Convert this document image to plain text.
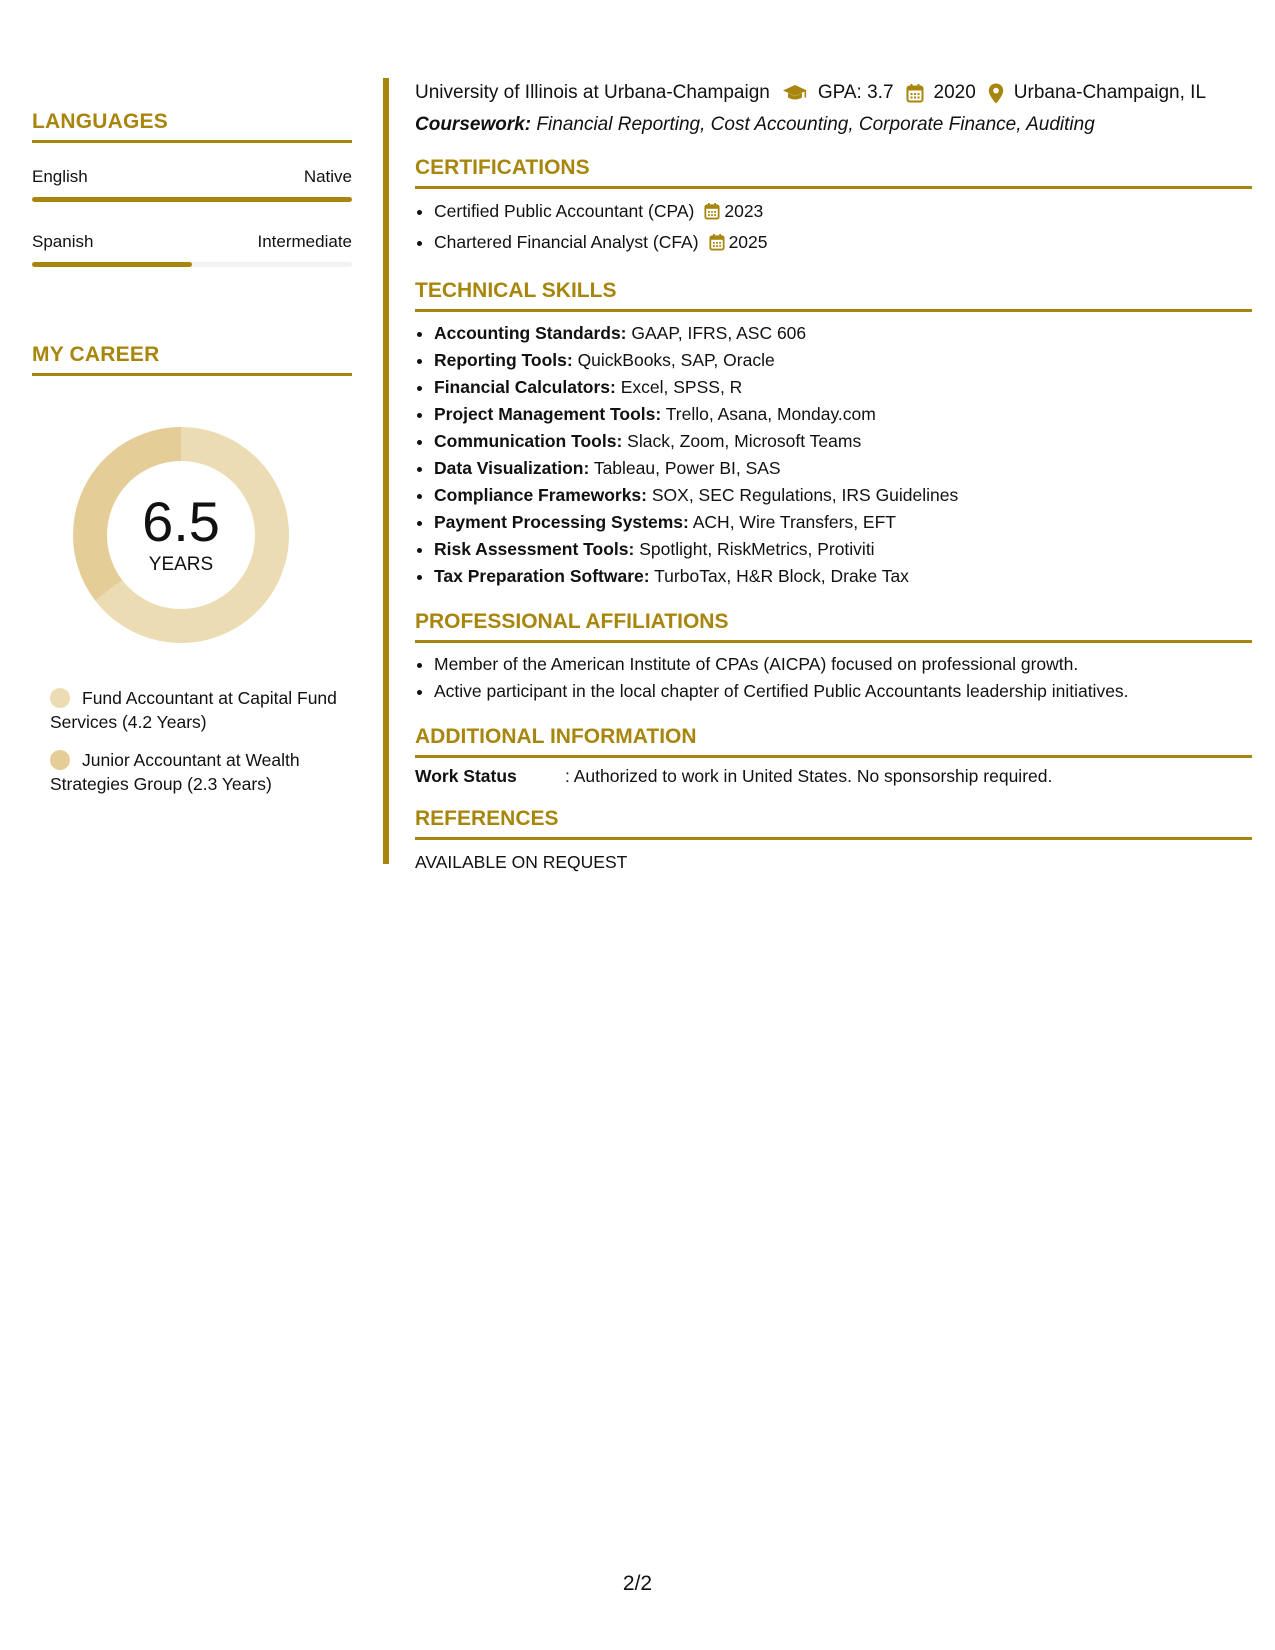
LANGUAGES
English	Native
Spanish	Intermediate
MY CAREER
6.5
YEARS
Fund Accountant at Capital Fund Services (4.2 Years)
Junior Accountant at Wealth Strategies Group (2.3 Years)
University of Illinois at Urbana-Champaign	GPA: 3.7 2020 Urbana-Champaign, IL
Coursework: Financial Reporting, Cost Accounting, Corporate Finance, Auditing
CERTIFICATIONS
• Certified Public Accountant (CPA) 2023
• Chartered Financial Analyst (CFA) 2025
TECHNICAL SKILLS
• Accounting Standards: GAAP, IFRS, ASC 606
• Reporting Tools: QuickBooks, SAP, Oracle
• Financial Calculators: Excel, SPSS, R
• Project Management Tools: Trello, Asana, Monday.com
• Communication Tools: Slack, Zoom, Microsoft Teams
• Data Visualization: Tableau, Power BI, SAS
• Compliance Frameworks: SOX, SEC Regulations, IRS Guidelines
• Payment Processing Systems: ACH, Wire Transfers, EFT
• Risk Assessment Tools: Spotlight, RiskMetrics, Protiviti
• Tax Preparation Software: TurboTax, H&R Block, Drake Tax
PROFESSIONAL AFFILIATIONS
• Member of the American Institute of CPAs (AICPA) focused on professional growth.
• Active participant in the local chapter of Certified Public Accountants leadership initiatives.
ADDITIONAL INFORMATION
Work Status	: Authorized to work in United States. No sponsorship required.
REFERENCES
AVAILABLE ON REQUEST
2/2
